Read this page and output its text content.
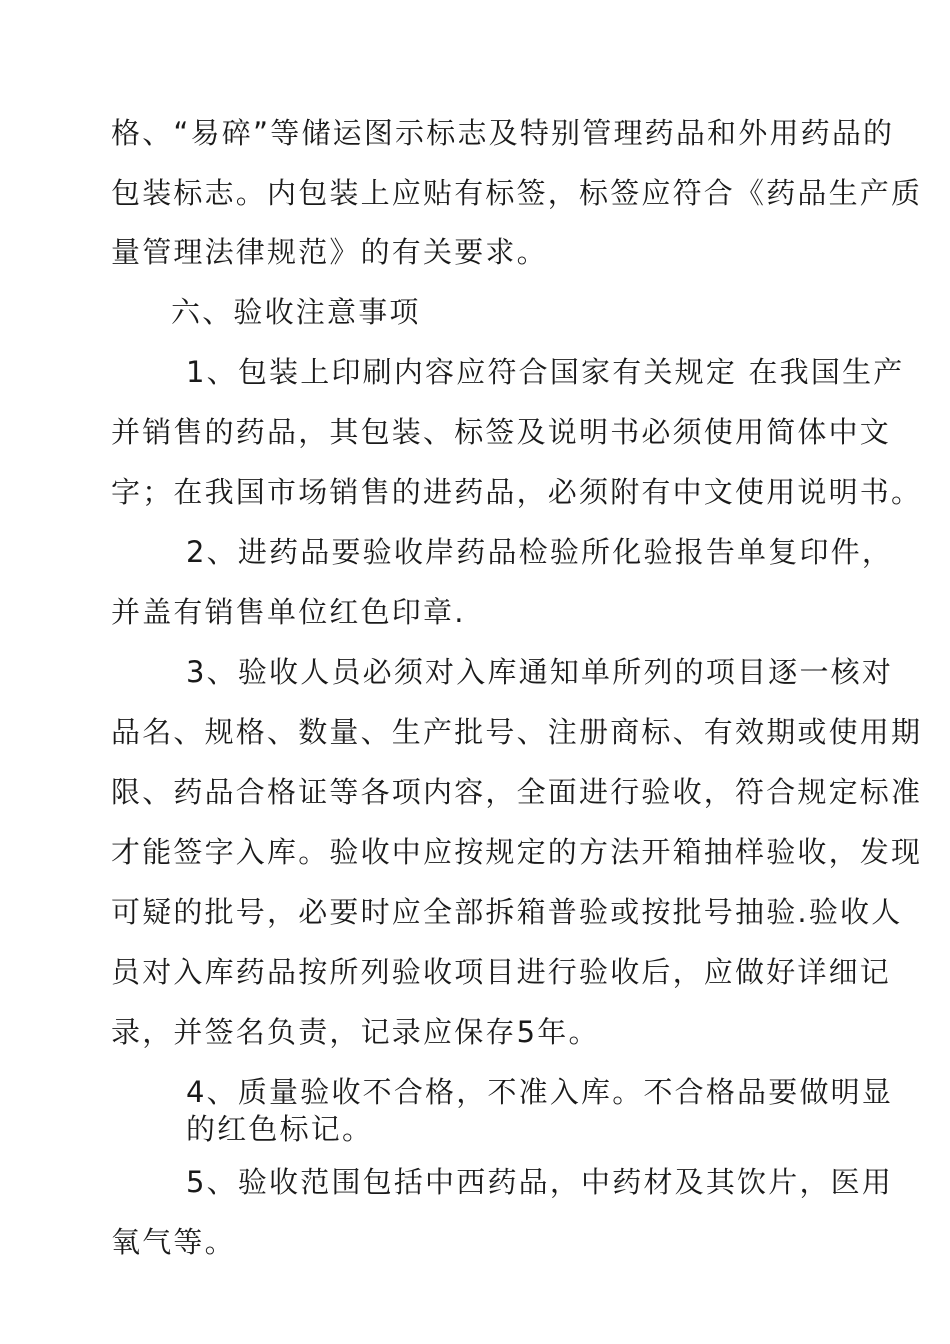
格、“易碎”等储运图示标志及特别管理药品和外用药品的

包装标志。内包装上应贴有标签，标签应符合《药品生产质

量管理法律规范》的有关要求。

六、验收注意事项

1、包装上印刷内容应符合国家有关规定 在我国生产

并销售的药品，其包装、标签及说明书必须使用简体中文

字；在我国市场销售的进药品，必须附有中文使用说明书。

2、进药品要验收岸药品检验所化验报告单复印件，

并盖有销售单位红色印章.

3、验收人员必须对入库通知单所列的项目逐一核对

品名、规格、数量、生产批号、注册商标、有效期或使用期

限、药品合格证等各项内容，全面进行验收，符合规定标准

才能签字入库。验收中应按规定的方法开箱抽样验收，发现

可疑的批号，必要时应全部拆箱普验或按批号抽验.验收人

员对入库药品按所列验收项目进行验收后，应做好详细记

录，并签名负责，记录应保存5年。

4、质量验收不合格，不准入库。不合格品要做明显

的红色标记。

5、验收范围包括中西药品，中药材及其饮片，医用

氧气等。
